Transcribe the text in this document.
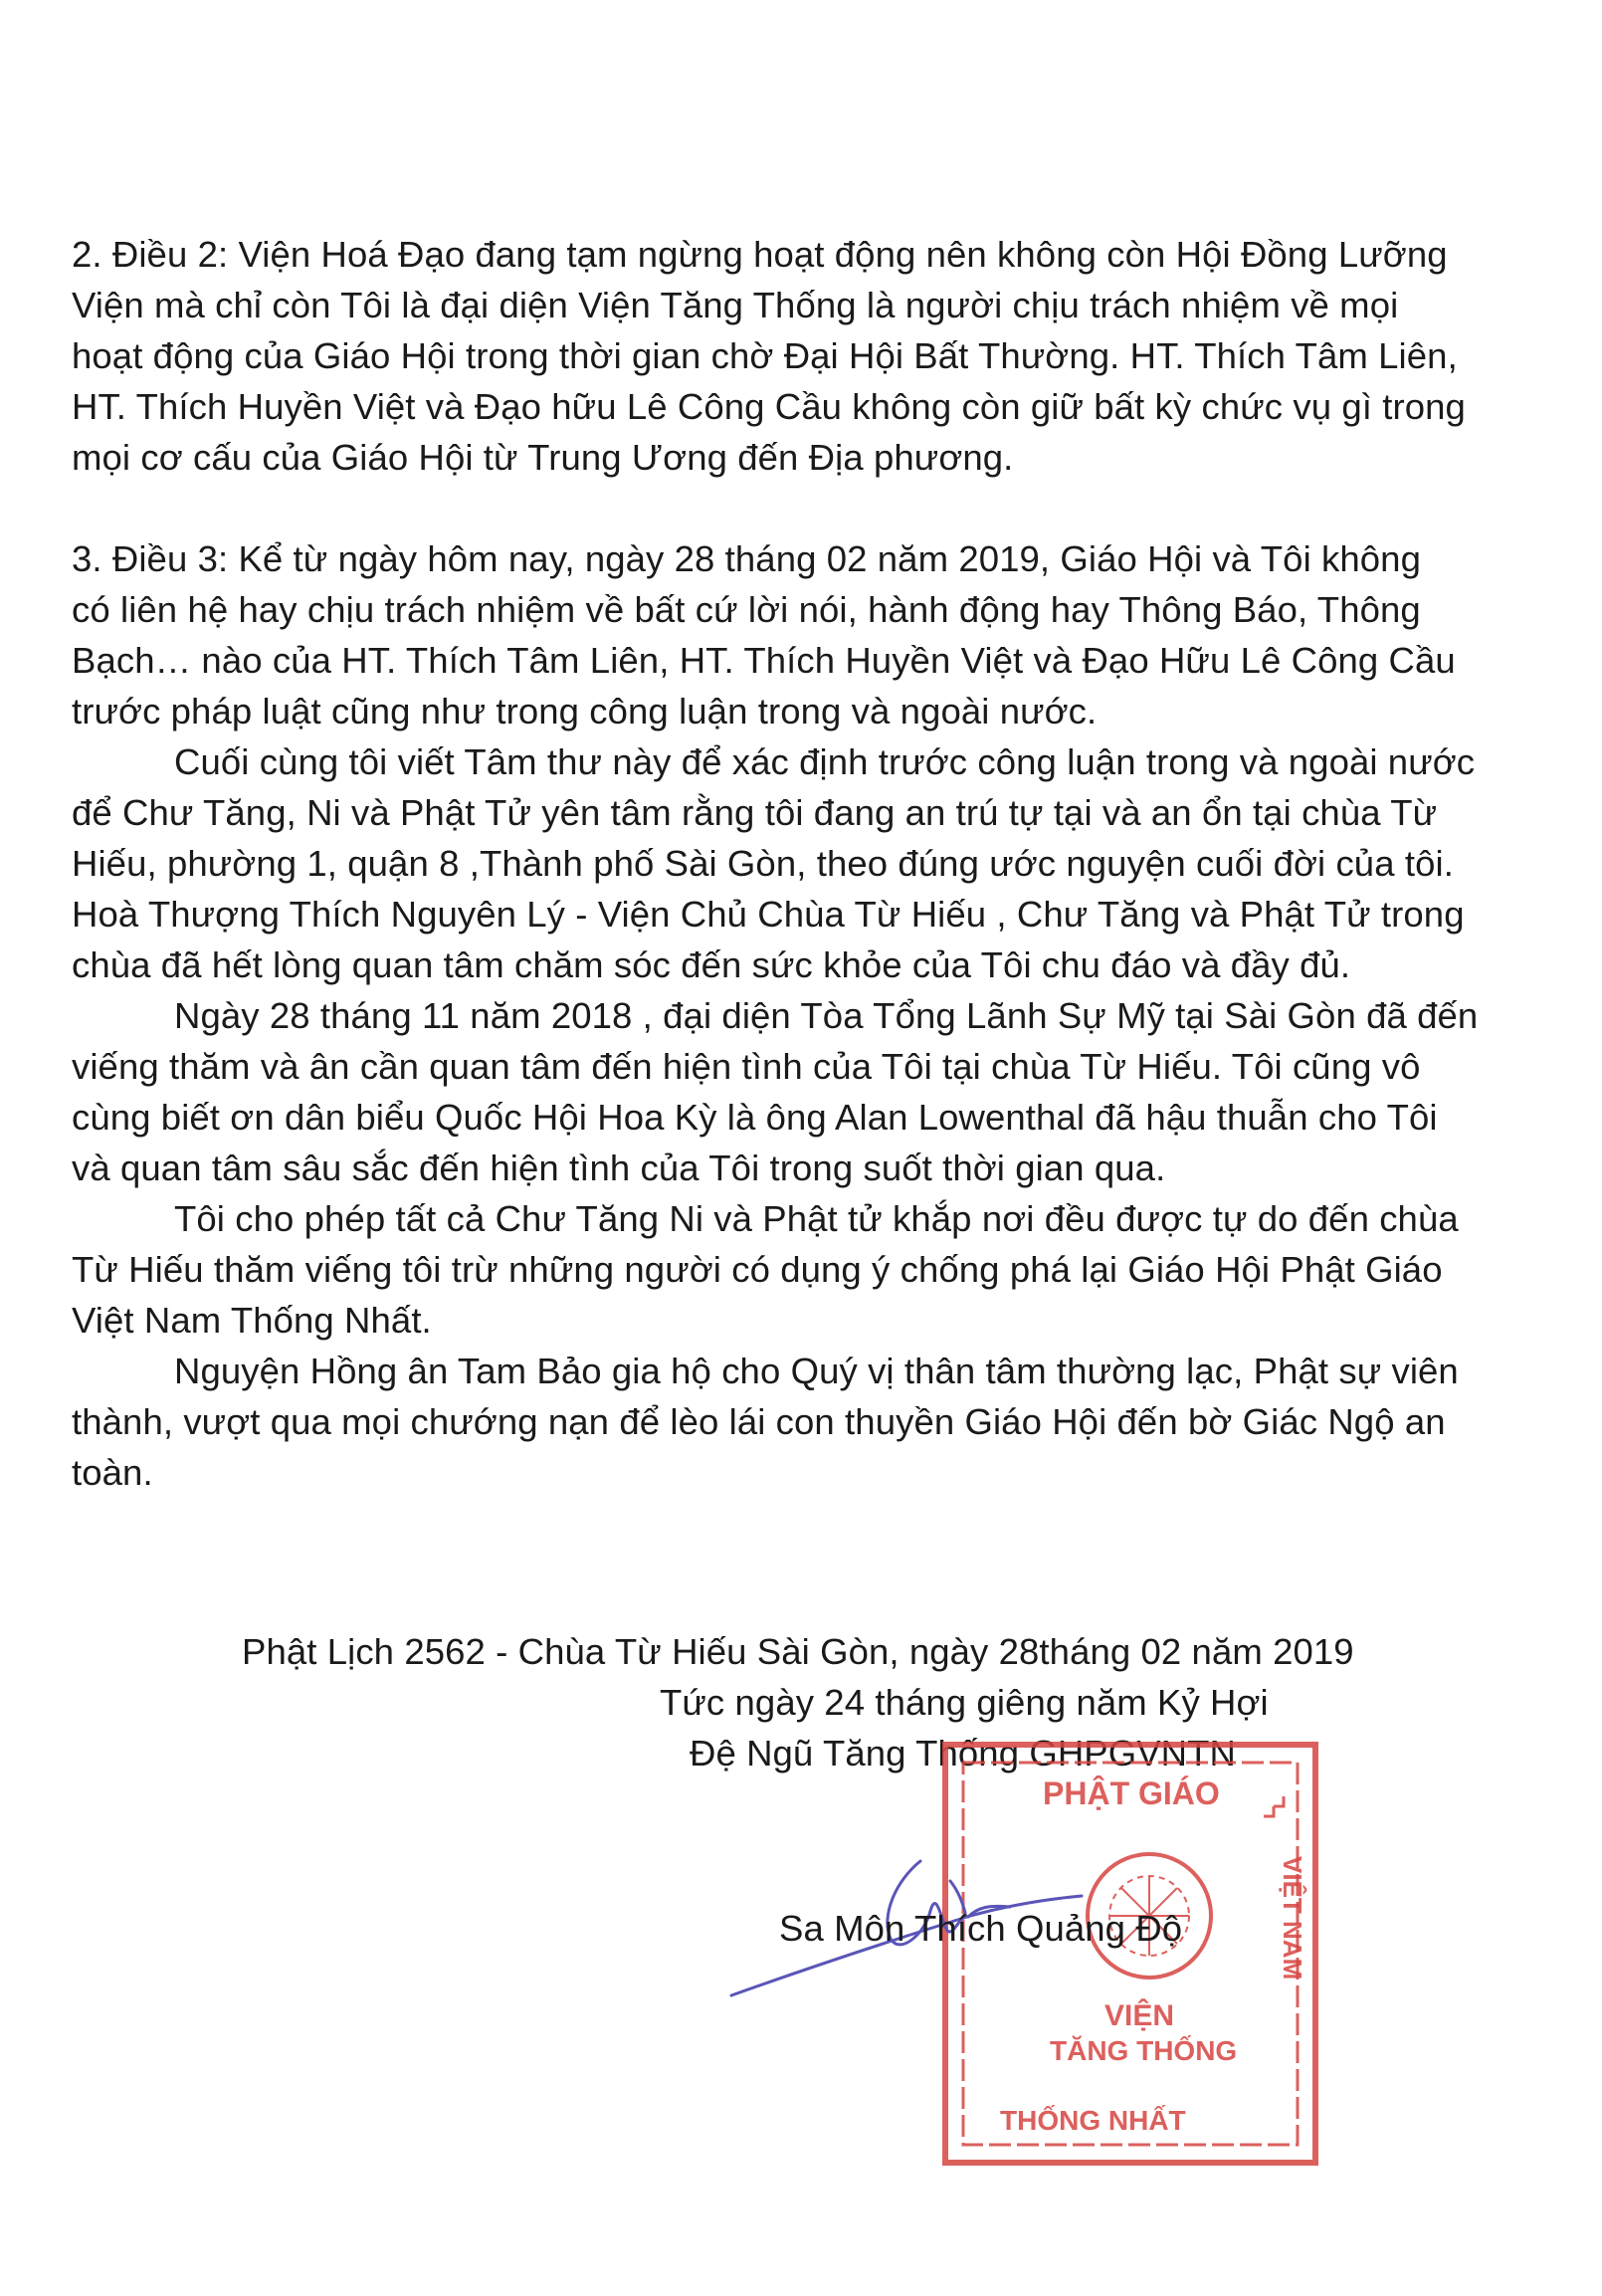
2. Điều 2: Viện Hoá Đạo đang tạm ngừng hoạt động nên không còn Hội Đồng Lưỡng
Viện mà chỉ còn Tôi là đại diện Viện Tăng Thống là người chịu trách nhiệm về mọi
hoạt động của Giáo Hội trong thời gian chờ Đại Hội Bất Thường. HT. Thích Tâm Liên,
HT. Thích Huyền Việt và Đạo hữu Lê Công Cầu không còn giữ bất kỳ chức vụ gì trong
mọi cơ cấu của Giáo Hội từ Trung Ương đến Địa phương.
3. Điều 3: Kể từ ngày hôm nay, ngày 28 tháng 02 năm 2019, Giáo Hội và Tôi không
có liên hệ hay chịu trách nhiệm về bất cứ lời nói, hành động hay Thông Báo, Thông
Bạch… nào của HT. Thích Tâm Liên, HT. Thích Huyền Việt và Đạo Hữu Lê Công Cầu
trước pháp luật cũng như trong công luận trong và ngoài nước.
Cuối cùng tôi viết Tâm thư này để xác định trước công luận trong và ngoài nước
để Chư Tăng, Ni và Phật Tử yên tâm rằng tôi đang an trú tự tại và an ổn tại chùa Từ
Hiếu, phường 1, quận 8 ,Thành phố Sài Gòn, theo đúng ước nguyện cuối đời của tôi.
Hoà Thượng Thích Nguyên Lý - Viện Chủ Chùa Từ Hiếu , Chư Tăng và Phật Tử trong
chùa đã hết lòng quan tâm chăm sóc đến sức khỏe của Tôi chu đáo và đầy đủ.
Ngày 28 tháng 11 năm 2018 , đại diện Tòa Tổng Lãnh Sự Mỹ tại Sài Gòn đã đến
viếng thăm và ân cần quan tâm đến hiện tình của Tôi tại chùa Từ Hiếu. Tôi cũng vô
cùng biết ơn dân biểu Quốc Hội Hoa Kỳ là ông Alan Lowenthal đã hậu thuẫn cho Tôi
và quan tâm sâu sắc đến hiện tình của Tôi trong suốt thời gian qua.
Tôi cho phép tất cả Chư Tăng Ni và Phật tử khắp nơi đều được tự do đến chùa
Từ Hiếu thăm viếng tôi trừ những người có dụng ý chống phá lại Giáo Hội Phật Giáo
Việt Nam Thống Nhất.
Nguyện Hồng ân Tam Bảo gia hộ cho Quý vị thân tâm thường lạc, Phật sự viên
thành, vượt qua mọi chướng nạn để lèo lái con thuyền Giáo Hội đến bờ Giác Ngộ an
toàn.
Phật Lịch 2562 - Chùa Từ Hiếu Sài Gòn, ngày 28tháng 02 năm 2019
Tức ngày 24 tháng giêng năm Kỷ Hợi
Đệ Ngũ Tăng Thống GHPGVNTN
PHẬT GIÁO
VIỆN
TĂNG THỐNG
THỐNG NHẤT
VIỆT NAM
Sa Môn Thích Quảng Độ
